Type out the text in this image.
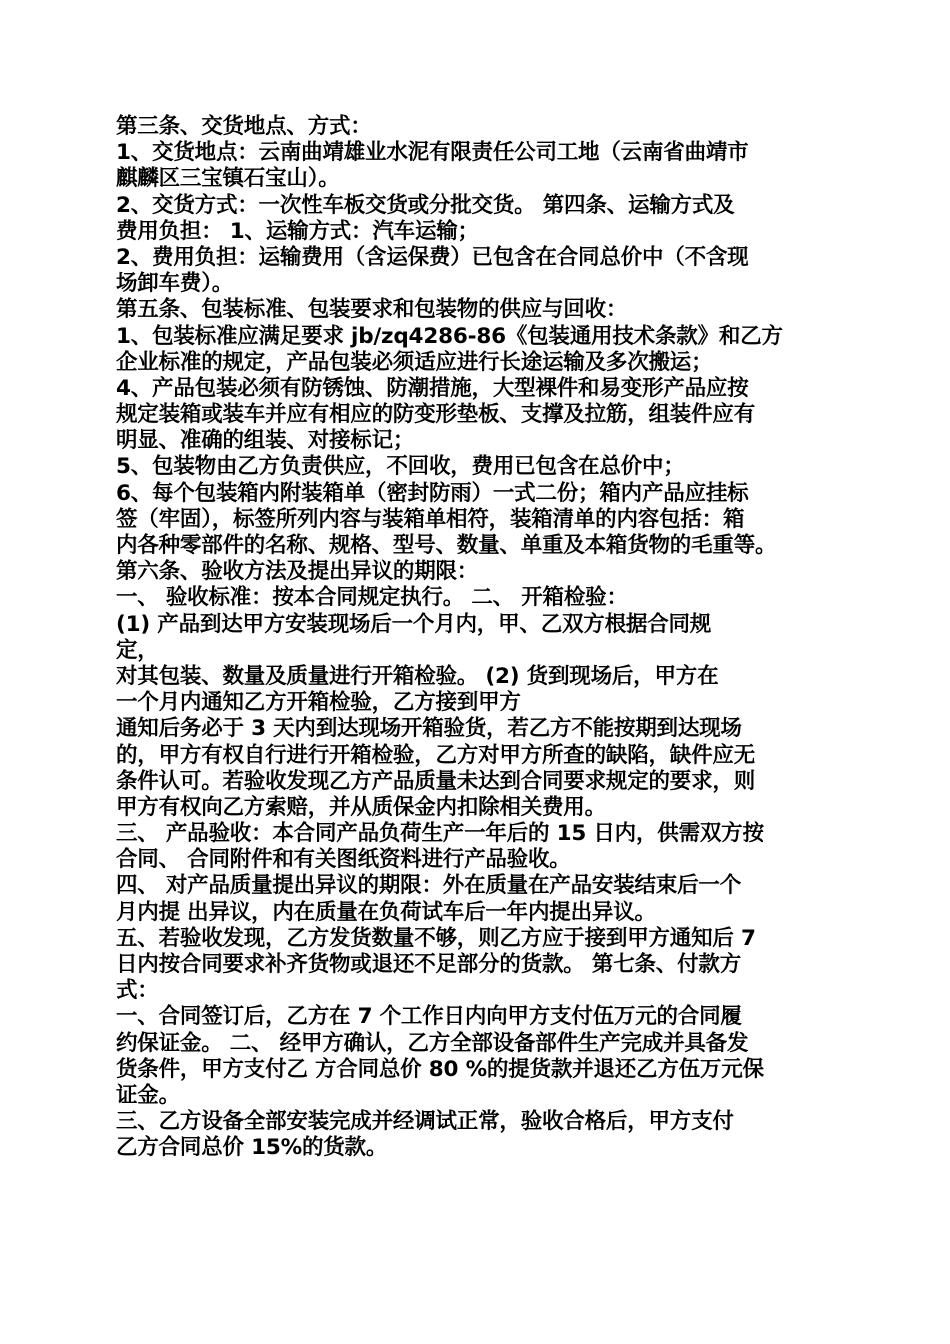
第三条、交货地点、方式：
1、交货地点：云南曲靖雄业水泥有限责任公司工地（云南省曲靖市
麒麟区三宝镇石宝山）。
2、交货方式：一次性车板交货或分批交货。 第四条、运输方式及
费用负担： 1、运输方式：汽车运输；
2、费用负担：运输费用（含运保费）已包含在合同总价中（不含现
场卸车费）。
第五条、包装标准、包装要求和包装物的供应与回收：
1、包装标准应满足要求 jb/zq4286-86《包装通用技术条款》和乙方
企业标准的规定，产品包装必须适应进行长途运输及多次搬运；
4、产品包装必须有防锈蚀、防潮措施，大型裸件和易变形产品应按
规定装箱或装车并应有相应的防变形垫板、支撑及拉筋，组装件应有
明显、准确的组装、对接标记；
5、包装物由乙方负责供应，不回收，费用已包含在总价中；
6、每个包装箱内附装箱单（密封防雨）一式二份；箱内产品应挂标
签（牢固），标签所列内容与装箱单相符，装箱清单的内容包括：箱
内各种零部件的名称、规格、型号、数量、单重及本箱货物的毛重等。
第六条、验收方法及提出异议的期限：
一、 验收标准：按本合同规定执行。 二、 开箱检验：
(1) 产品到达甲方安装现场后一个月内，甲、乙双方根据合同规
定，
对其包装、数量及质量进行开箱检验。 (2) 货到现场后，甲方在
一个月内通知乙方开箱检验，乙方接到甲方
通知后务必于 3 天内到达现场开箱验货，若乙方不能按期到达现场
的，甲方有权自行进行开箱检验，乙方对甲方所查的缺陷，缺件应无
条件认可。若验收发现乙方产品质量未达到合同要求规定的要求，则
甲方有权向乙方索赔，并从质保金内扣除相关费用。
三、 产品验收：本合同产品负荷生产一年后的 15 日内，供需双方按
合同、 合同附件和有关图纸资料进行产品验收。
四、 对产品质量提出异议的期限：外在质量在产品安装结束后一个
月内提 出异议，内在质量在负荷试车后一年内提出异议。
五、若验收发现，乙方发货数量不够，则乙方应于接到甲方通知后 7
日内按合同要求补齐货物或退还不足部分的货款。 第七条、付款方
式：
一、合同签订后，乙方在 7 个工作日内向甲方支付伍万元的合同履
约保证金。 二、 经甲方确认，乙方全部设备部件生产完成并具备发
货条件，甲方支付乙 方合同总价 80 %的提货款并退还乙方伍万元保
证金。
三、乙方设备全部安装完成并经调试正常，验收合格后，甲方支付
乙方合同总价 15%的货款。
